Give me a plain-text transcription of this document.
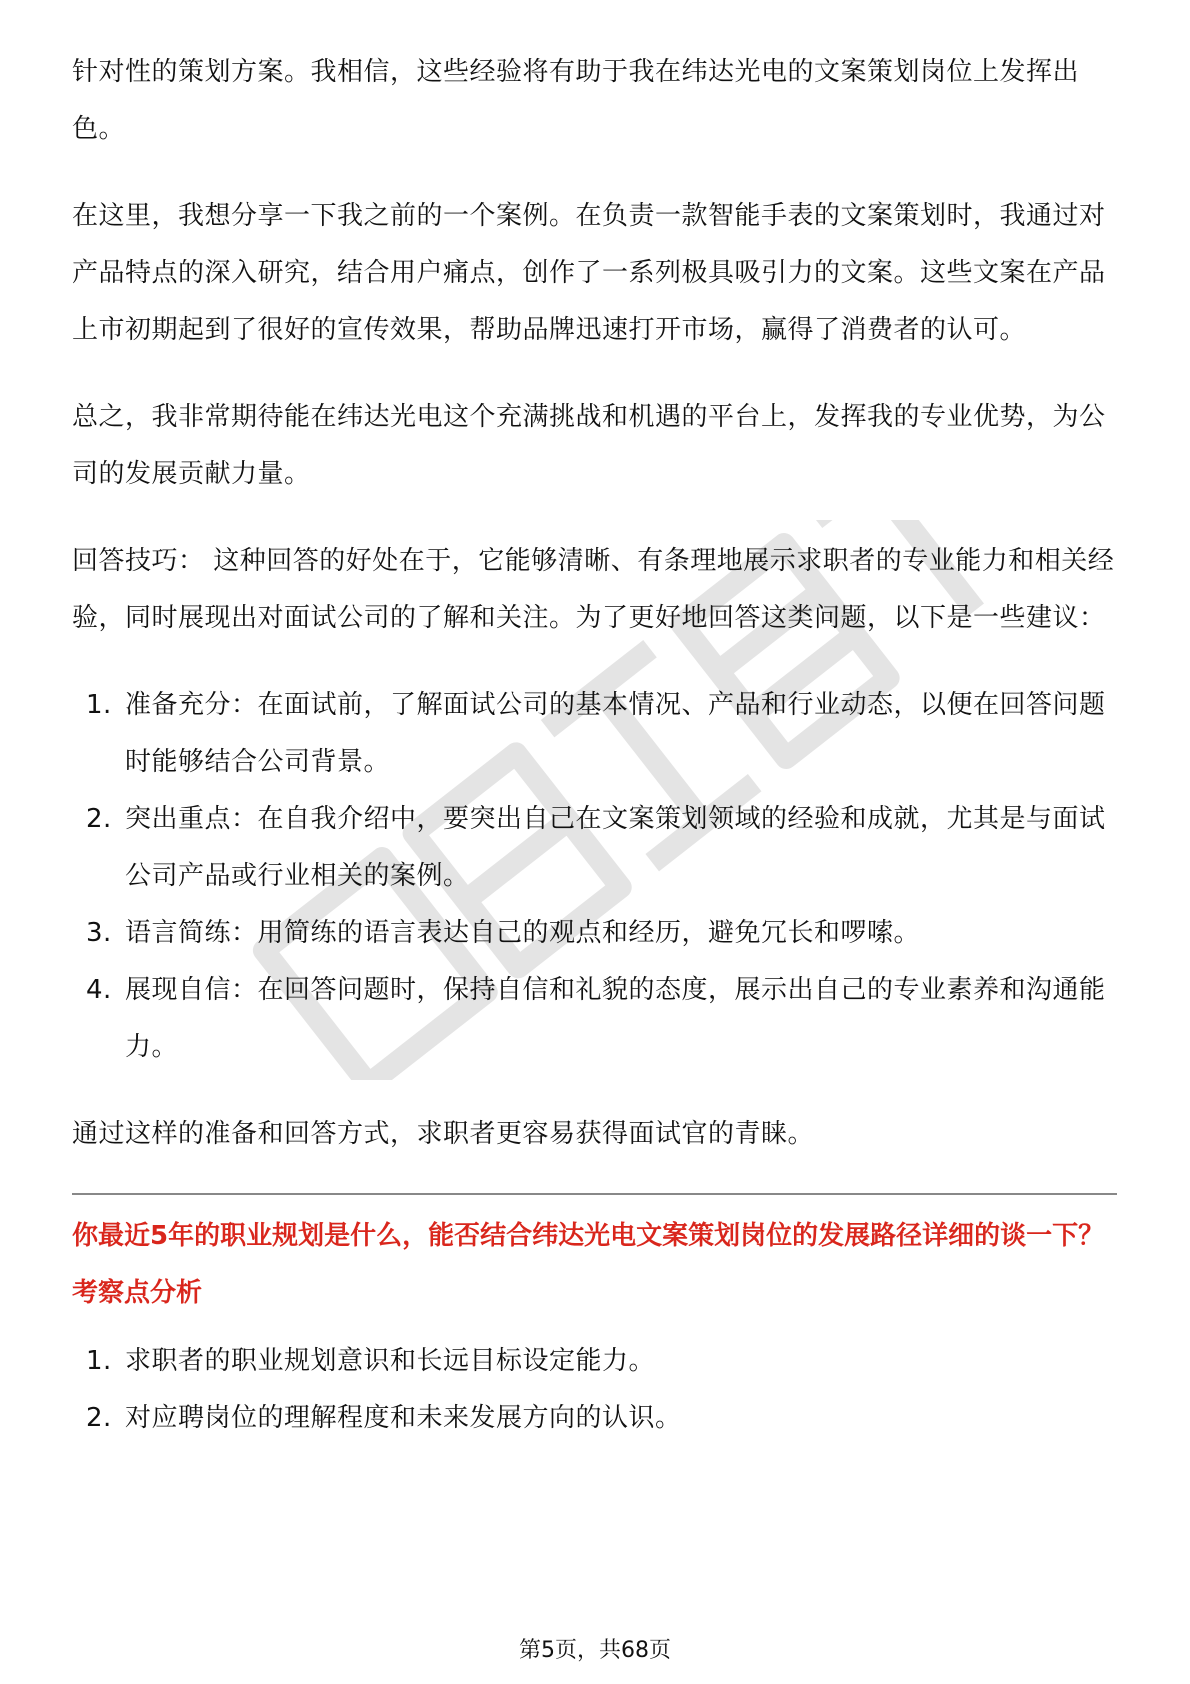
针对性的策划方案。我相信，这些经验将有助于我在纬达光电的文案策划岗位上发挥出色。

在这里，我想分享一下我之前的一个案例。在负责一款智能手表的文案策划时，我通过对产品特点的深入研究，结合用户痛点，创作了一系列极具吸引力的文案。这些文案在产品上市初期起到了很好的宣传效果，帮助品牌迅速打开市场，赢得了消费者的认可。

总之，我非常期待能在纬达光电这个充满挑战和机遇的平台上，发挥我的专业优势，为公司的发展贡献力量。

回答技巧： 这种回答的好处在于，它能够清晰、有条理地展示求职者的专业能力和相关经验，同时展现出对面试公司的了解和关注。为了更好地回答这类问题，以下是一些建议：

1. 准备充分：在面试前，了解面试公司的基本情况、产品和行业动态，以便在回答问题时能够结合公司背景。
2. 突出重点：在自我介绍中，要突出自己在文案策划领域的经验和成就，尤其是与面试公司产品或行业相关的案例。
3. 语言简练：用简练的语言表达自己的观点和经历，避免冗长和啰嗦。
4. 展现自信：在回答问题时，保持自信和礼貌的态度，展示出自己的专业素养和沟通能力。

通过这样的准备和回答方式，求职者更容易获得面试官的青睐。

你最近5年的职业规划是什么，能否结合纬达光电文案策划岗位的发展路径详细的谈一下？
考察点分析
1. 求职者的职业规划意识和长远目标设定能力。
2. 对应聘岗位的理解程度和未来发展方向的认识。
第5页，共68页
